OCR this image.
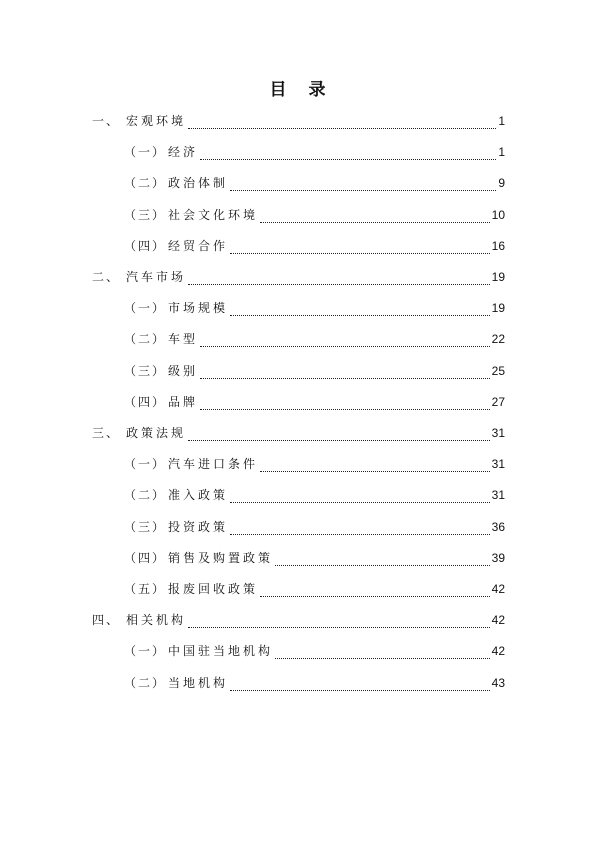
目 录
一、 宏观环境	1
（一） 经济	1
（二） 政治体制	9
（三） 社会文化环境	10
（四） 经贸合作	16
二、 汽车市场	19
（一） 市场规模	19
（二） 车型	22
（三） 级别	25
（四） 品牌	27
三、 政策法规	31
（一） 汽车进口条件	31
（二） 准入政策	31
（三） 投资政策	36
（四） 销售及购置政策	39
（五） 报废回收政策	42
四、 相关机构	42
（一） 中国驻当地机构	42
（二） 当地机构	43
